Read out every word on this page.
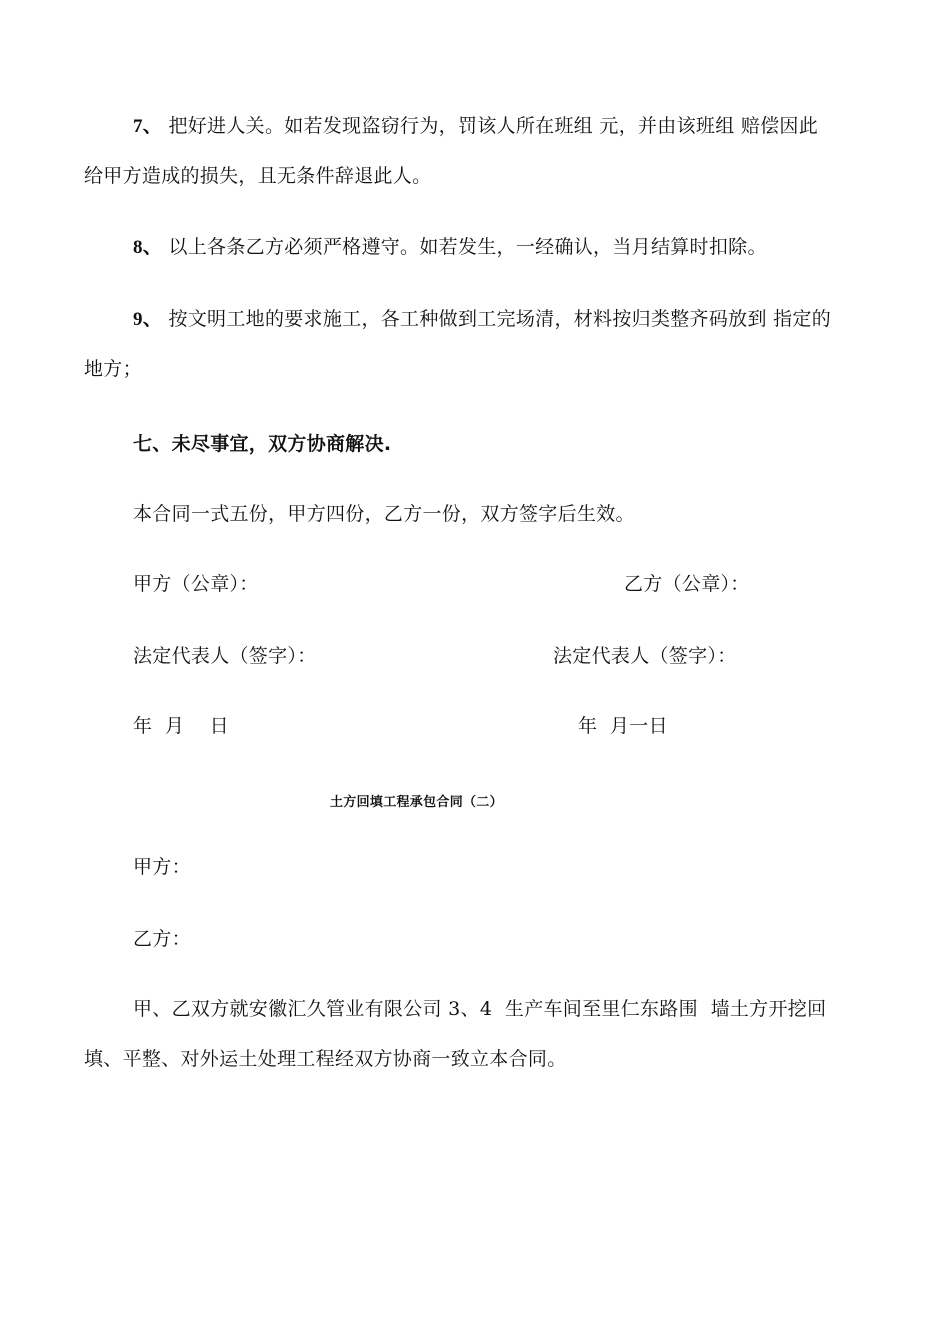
7、 把好进人关。如若发现盗窃行为，罚该人所在班组 元，并由该班组 赔偿因此
给甲方造成的损失，且无条件辞退此人。
8、 以上各条乙方必须严格遵守。如若发生，一经确认，当月结算时扣除。
9、 按文明工地的要求施工，各工种做到工完场清，材料按归类整齐码放到 指定的
地方；
七、未尽事宜，双方协商解决.
本合同一式五份，甲方四份，乙方一份，双方签字后生效。
甲方（公章）：	乙方（公章）：
法定代表人（签字）：	法定代表人（签字）：
年  月    日	年  月一日
土方回填工程承包合同（二）
甲方：
乙方：
甲、乙双方就安徽汇久管业有限公司 3、4  生产车间至里仁东路围  墙土方开挖回
填、平整、对外运土处理工程经双方协商一致立本合同。
